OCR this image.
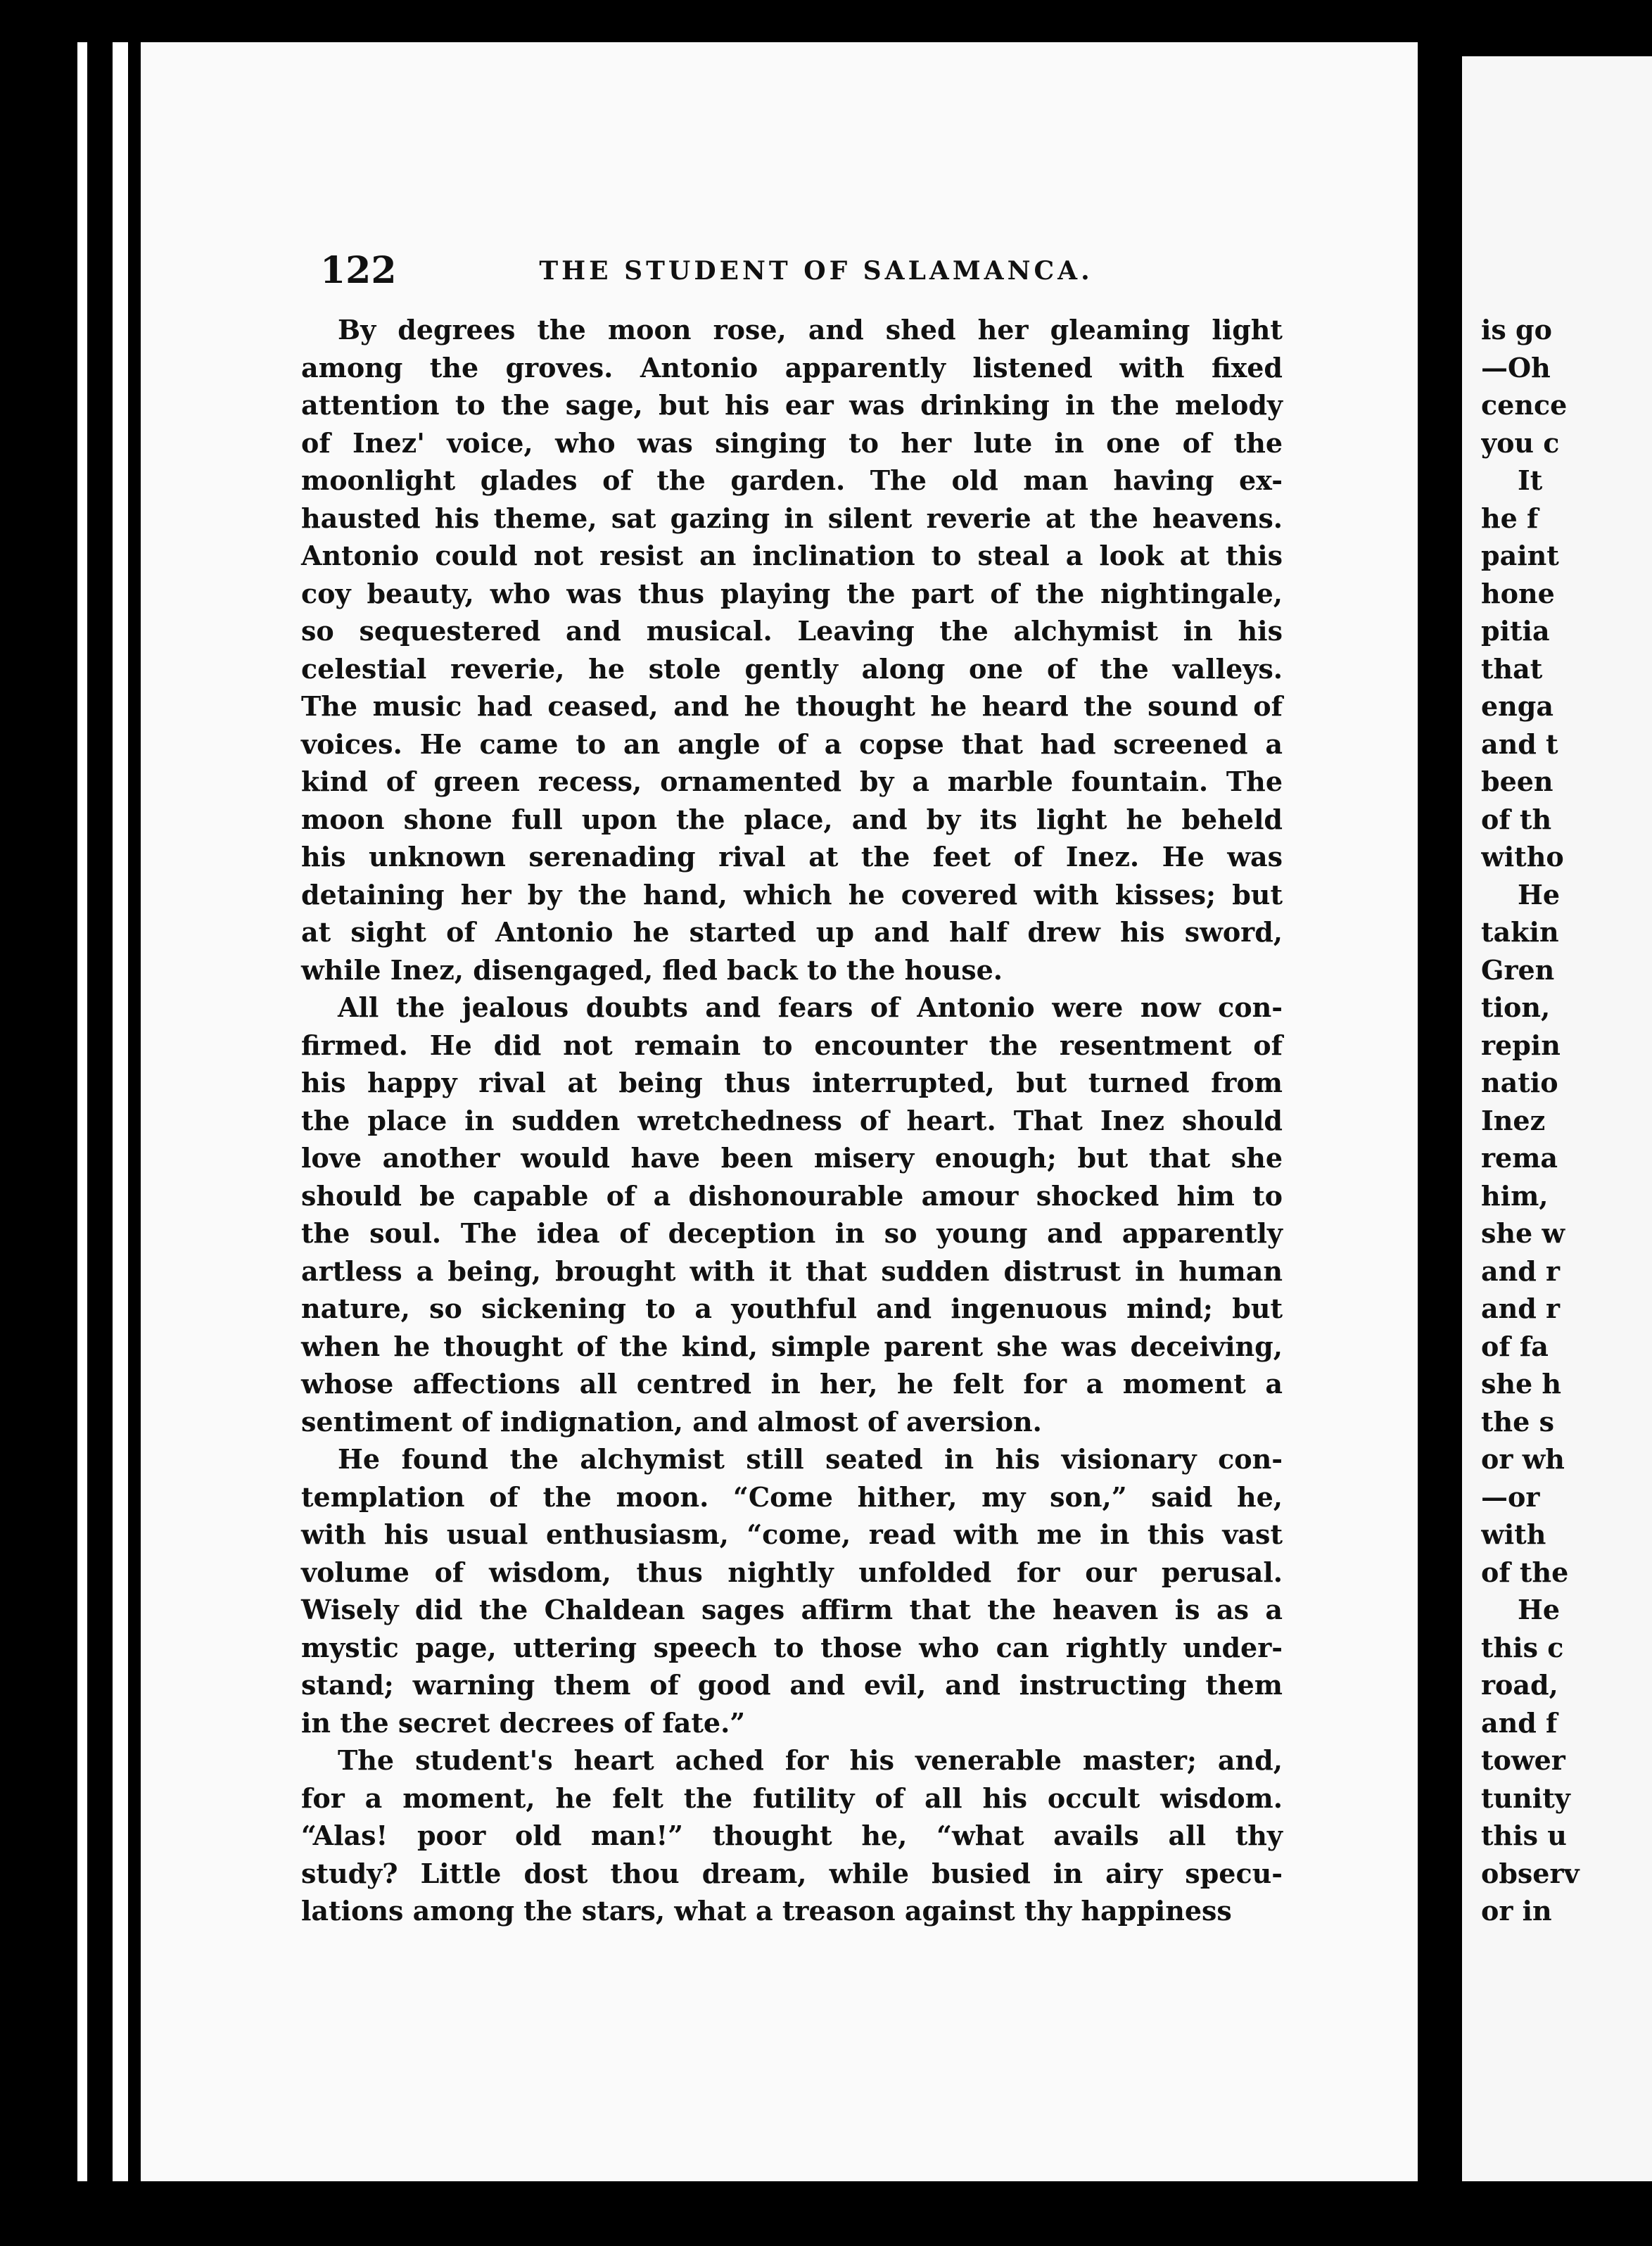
122	THE STUDENT OF SALAMANCA.
By degrees the moon rose, and shed her gleaming light
among the groves. Antonio apparently listened with fixed
attention to the sage, but his ear was drinking in the melody
of Inez' voice, who was singing to her lute in one of the
moonlight glades of the garden. The old man having ex-
hausted his theme, sat gazing in silent reverie at the heavens.
Antonio could not resist an inclination to steal a look at this
coy beauty, who was thus playing the part of the nightingale,
so sequestered and musical. Leaving the alchymist in his
celestial reverie, he stole gently along one of the valleys.
The music had ceased, and he thought he heard the sound of
voices. He came to an angle of a copse that had screened a
kind of green recess, ornamented by a marble fountain. The
moon shone full upon the place, and by its light he beheld
his unknown serenading rival at the feet of Inez. He was
detaining her by the hand, which he covered with kisses; but
at sight of Antonio he started up and half drew his sword,
while Inez, disengaged, fled back to the house.
All the jealous doubts and fears of Antonio were now con-
firmed. He did not remain to encounter the resentment of
his happy rival at being thus interrupted, but turned from
the place in sudden wretchedness of heart. That Inez should
love another would have been misery enough; but that she
should be capable of a dishonourable amour shocked him to
the soul. The idea of deception in so young and apparently
artless a being, brought with it that sudden distrust in human
nature, so sickening to a youthful and ingenuous mind; but
when he thought of the kind, simple parent she was deceiving,
whose affections all centred in her, he felt for a moment a
sentiment of indignation, and almost of aversion.
He found the alchymist still seated in his visionary con-
templation of the moon. “Come hither, my son,” said he,
with his usual enthusiasm, “come, read with me in this vast
volume of wisdom, thus nightly unfolded for our perusal.
Wisely did the Chaldean sages affirm that the heaven is as a
mystic page, uttering speech to those who can rightly under-
stand; warning them of good and evil, and instructing them
in the secret decrees of fate.”
The student's heart ached for his venerable master; and,
for a moment, he felt the futility of all his occult wisdom.
“Alas! poor old man!” thought he, “what avails all thy
study? Little dost thou dream, while busied in airy specu-
lations among the stars, what a treason against thy happiness
is go
—Oh
cence
you c
It
he f
paint
hone
pitia
that
enga
and t
been
of th
witho
He
takin
Gren
tion,
repin
natio
Inez
rema
him,
she w
and r
and r
of fa
she h
the s
or wh
—or
with
of the
He
this c
road,
and f
tower
tunity
this u
observ
or in
